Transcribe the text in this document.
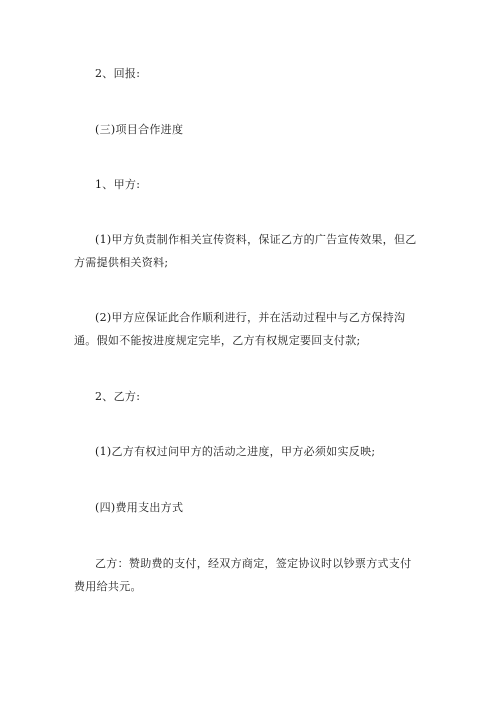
2、回报:

(三)项目合作进度

1、甲方:

(1)甲方负责制作相关宣传资料，保证乙方的广告宣传效果，但乙方需提供相关资料;

(2)甲方应保证此合作顺利进行，并在活动过程中与乙方保持沟通。假如不能按进度规定完毕，乙方有权规定要回支付款;

2、乙方:

(1)乙方有权过问甲方的活动之进度，甲方必须如实反映;

(四)费用支出方式

乙方：赞助费的支付，经双方商定，签定协议时以钞票方式支付费用给共元。
